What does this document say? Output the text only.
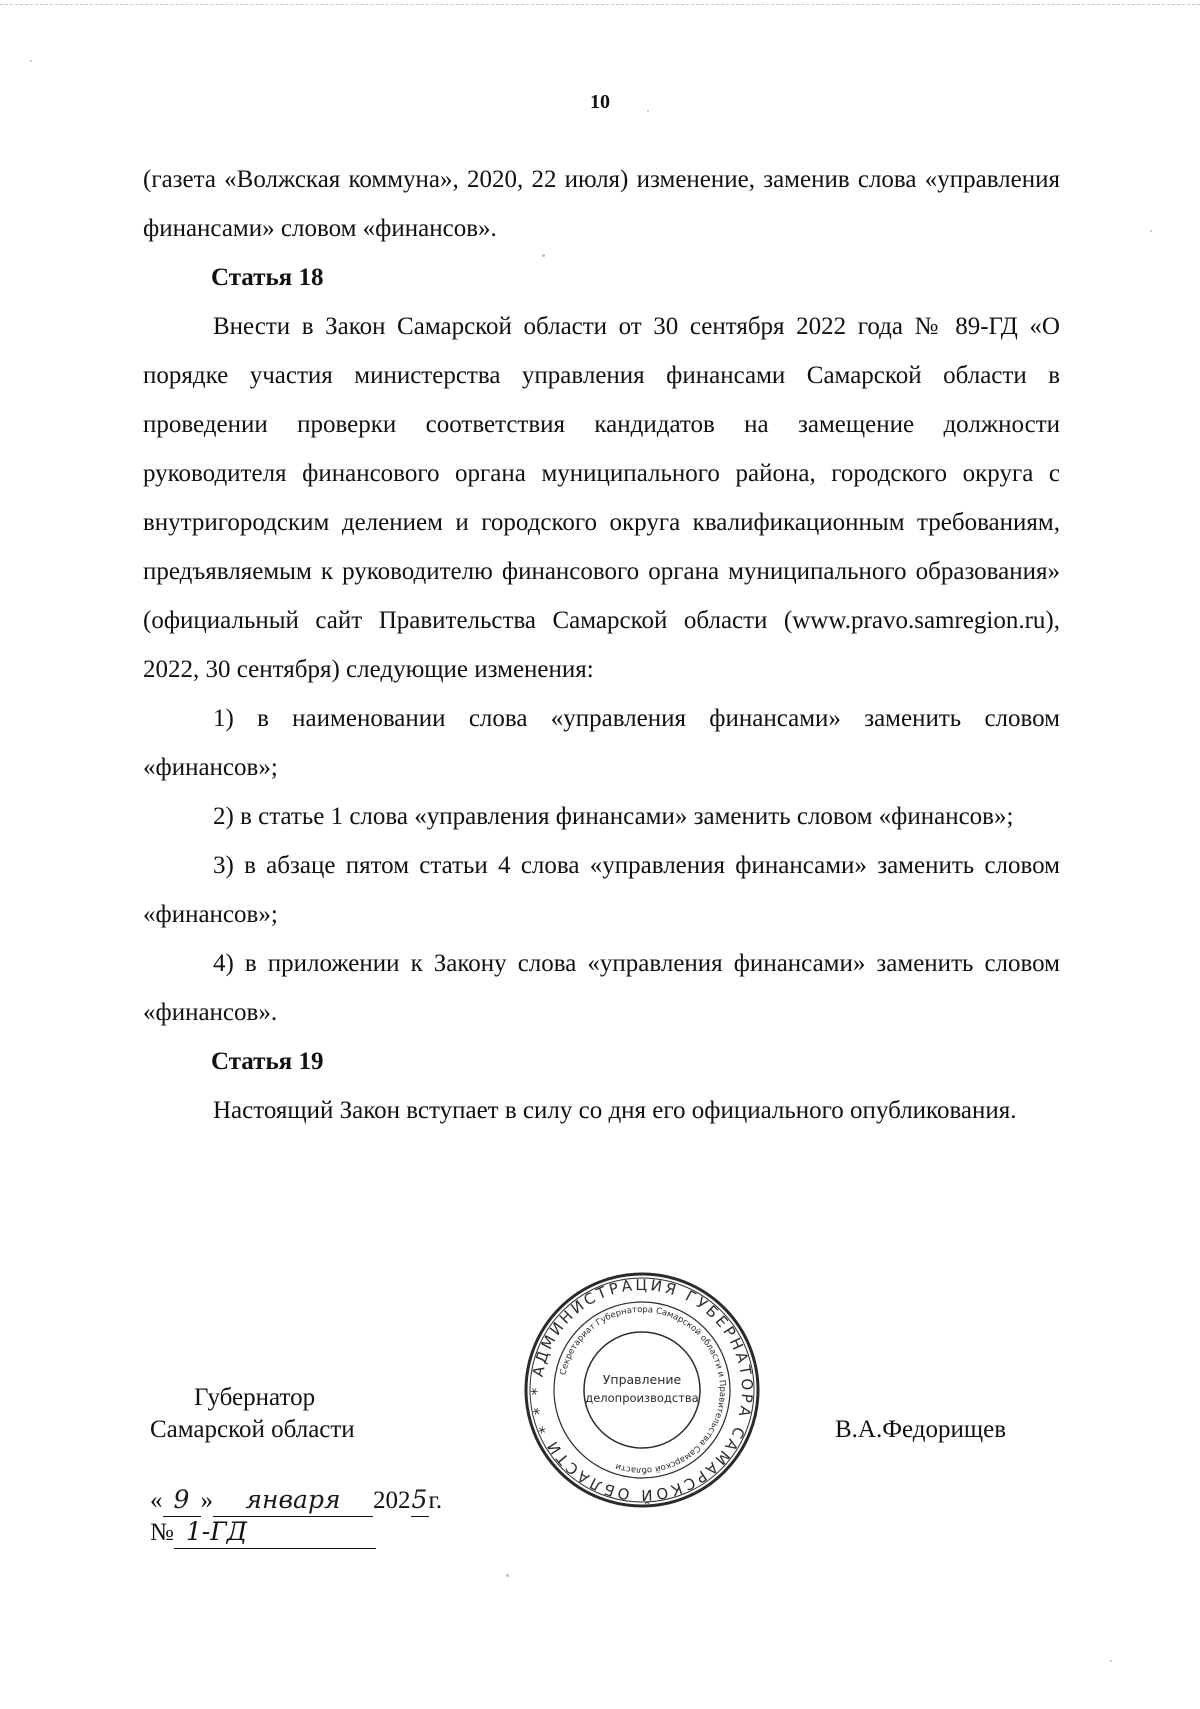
10

(газета «Волжская коммуна», 2020, 22 июля) изменение, заменив слова «управления финансами» словом «финансов».

Статья 18

Внести в Закон Самарской области от 30 сентября 2022 года № 89-ГД «О порядке участия министерства управления финансами Самарской области в проведении проверки соответствия кандидатов на замещение должности руководителя финансового органа муниципального района, городского округа с внутригородским делением и городского округа квалификационным требованиям, предъявляемым к руководителю финансового органа муниципального образования» (официальный сайт Правительства Самарской области (www.pravo.samregion.ru), 2022, 30 сентября) следующие изменения:

1) в наименовании слова «управления финансами» заменить словом «финансов»;

2) в статье 1 слова «управления финансами» заменить словом «финансов»;

3) в абзаце пятом статьи 4 слова «управления финансами» заменить словом «финансов»;

4) в приложении к Закону слова «управления финансами» заменить словом «финансов».

Статья 19

Настоящий Закон вступает в силу со дня его официального опубликования.

Губернатор
Самарской области	В.А.Федорищев
« 9 » января 2025г.
№ 1-ГД
АДМИНИСТРАЦИЯ ГУБЕРНАТОРА САМАРСКОЙ ОБЛАСТИ * * *
Секретариат Губернатора Самарской области и Правительства Самарской области
Управление
делопроизводства
